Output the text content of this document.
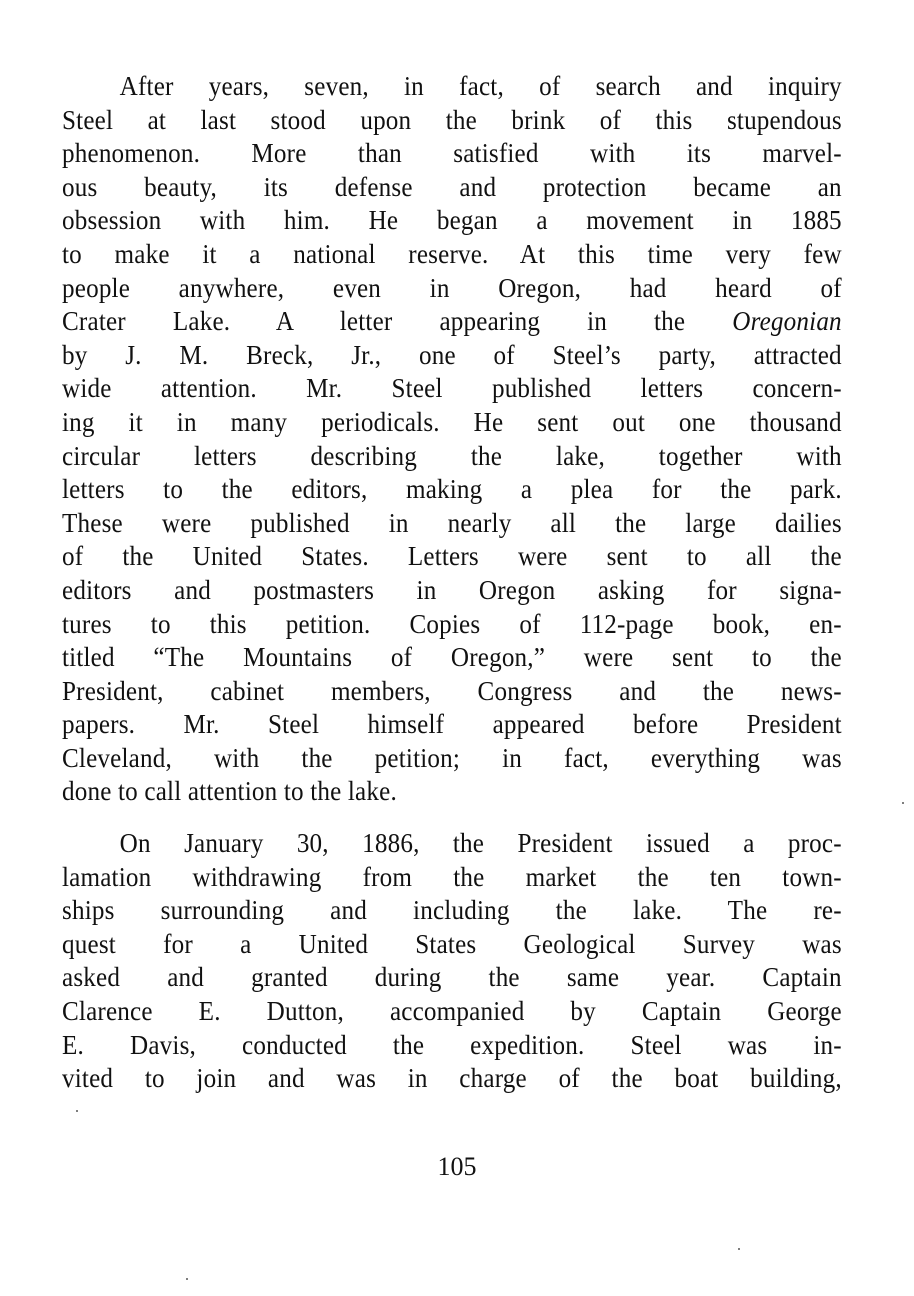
After years, seven, in fact, of search and inquiry
Steel at last stood upon the brink of this stupendous
phenomenon. More than satisfied with its marvel-
ous beauty, its defense and protection became an
obsession with him. He began a movement in 1885
to make it a national reserve. At this time very few
people anywhere, even in Oregon, had heard of
Crater Lake. A letter appearing in the Oregonian
by J. M. Breck, Jr., one of Steel’s party, attracted
wide attention. Mr. Steel published letters concern-
ing it in many periodicals. He sent out one thousand
circular letters describing the lake, together with
letters to the editors, making a plea for the park.
These were published in nearly all the large dailies
of the United States. Letters were sent to all the
editors and postmasters in Oregon asking for signa-
tures to this petition. Copies of 112-page book, en-
titled “The Mountains of Oregon,” were sent to the
President, cabinet members, Congress and the news-
papers. Mr. Steel himself appeared before President
Cleveland, with the petition; in fact, everything was
done to call attention to the lake.
On January 30, 1886, the President issued a proc-
lamation withdrawing from the market the ten town-
ships surrounding and including the lake. The re-
quest for a United States Geological Survey was
asked and granted during the same year. Captain
Clarence E. Dutton, accompanied by Captain George
E. Davis, conducted the expedition. Steel was in-
vited to join and was in charge of the boat building,
105
